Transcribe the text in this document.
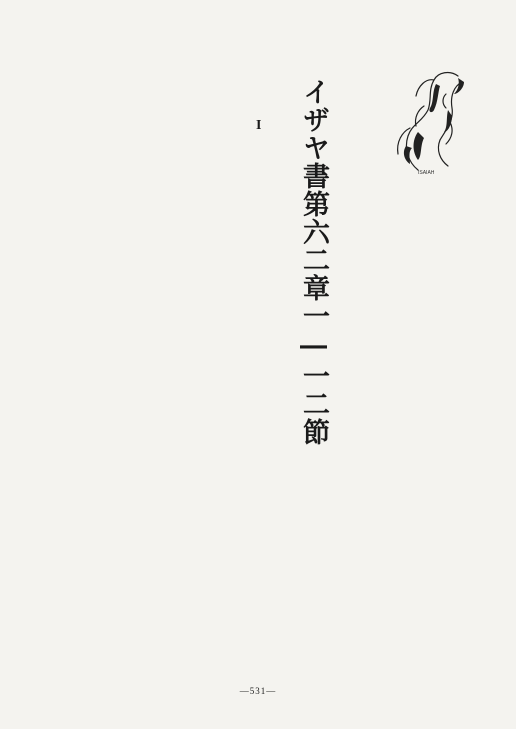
ISAIAH
イザヤ書第六二章一―一二節
I

—531—
